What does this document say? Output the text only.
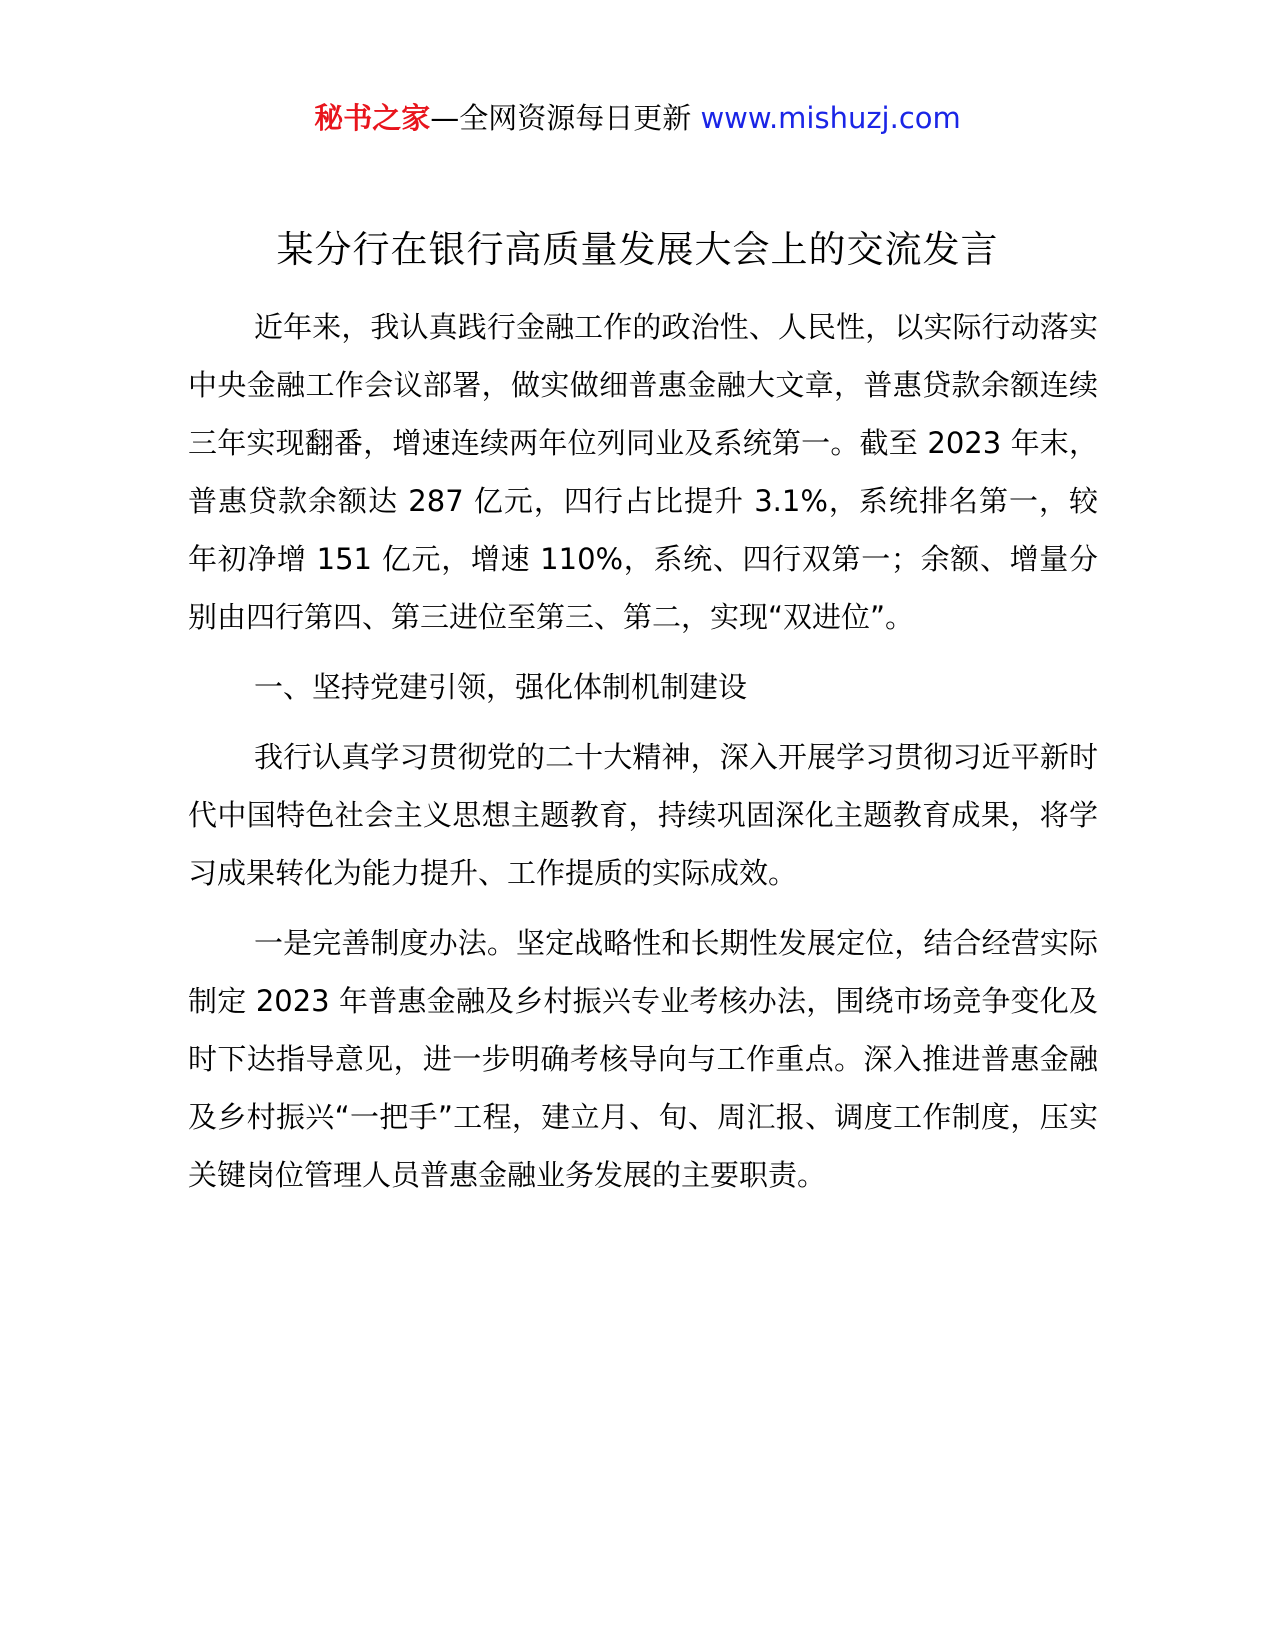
秘书之家—全网资源每日更新 www.mishuzj.com
某分行在银行高质量发展大会上的交流发言

近年来，我认真践行金融工作的政治性、人民性，以实际行动落实中央金融工作会议部署，做实做细普惠金融大文章，普惠贷款余额连续三年实现翻番，增速连续两年位列同业及系统第一。截至 2023 年末，普惠贷款余额达 287 亿元，四行占比提升 3.1%，系统排名第一，较年初净增 151 亿元，增速 110%，系统、四行双第一；余额、增量分别由四行第四、第三进位至第三、第二，实现“双进位”。

一、坚持党建引领，强化体制机制建设

我行认真学习贯彻党的二十大精神，深入开展学习贯彻习近平新时代中国特色社会主义思想主题教育，持续巩固深化主题教育成果，将学习成果转化为能力提升、工作提质的实际成效。

一是完善制度办法。坚定战略性和长期性发展定位，结合经营实际制定 2023 年普惠金融及乡村振兴专业考核办法，围绕市场竞争变化及时下达指导意见，进一步明确考核导向与工作重点。深入推进普惠金融及乡村振兴“一把手”工程，建立月、旬、周汇报、调度工作制度，压实关键岗位管理人员普惠金融业务发展的主要职责。
